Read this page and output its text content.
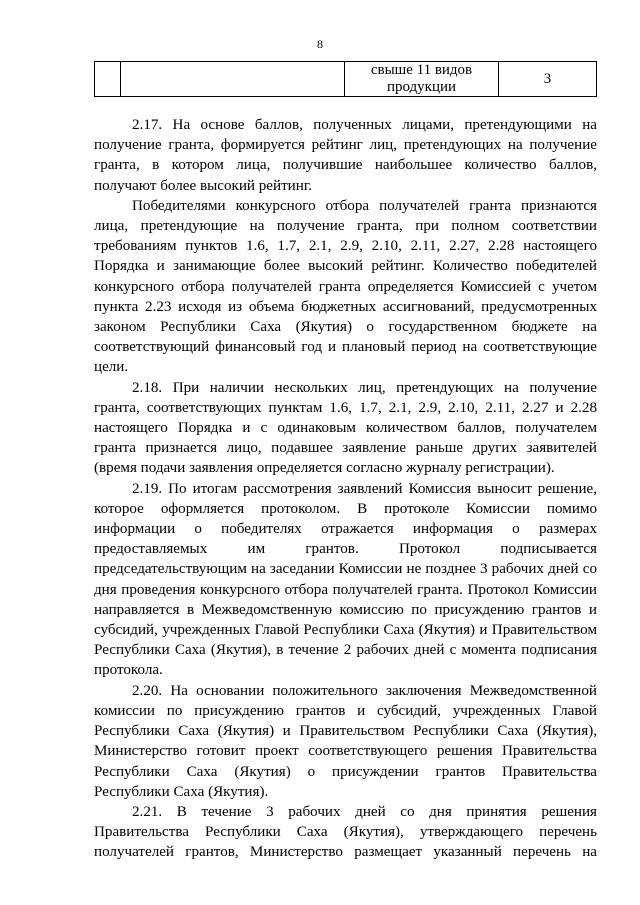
8
		свыше 11 видов продукции	3

2.17. На основе баллов, полученных лицами, претендующими на получение гранта, формируется рейтинг лиц, претендующих на получение гранта, в котором лица, получившие наибольшее количество баллов, получают более высокий рейтинг.

Победителями конкурсного отбора получателей гранта признаются лица, претендующие на получение гранта, при полном соответствии требованиям пунктов 1.6, 1.7, 2.1, 2.9, 2.10, 2.11, 2.27, 2.28 настоящего Порядка и занимающие более высокий рейтинг. Количество победителей конкурсного отбора получателей гранта определяется Комиссией с учетом пункта 2.23 исходя из объема бюджетных ассигнований, предусмотренных законом Республики Саха (Якутия) о государственном бюджете на соответствующий финансовый год и плановый период на соответствующие цели.

2.18. При наличии нескольких лиц, претендующих на получение гранта, соответствующих пунктам 1.6, 1.7, 2.1, 2.9, 2.10, 2.11, 2.27 и 2.28 настоящего Порядка и с одинаковым количеством баллов, получателем гранта признается лицо, подавшее заявление раньше других заявителей (время подачи заявления определяется согласно журналу регистрации).

2.19. По итогам рассмотрения заявлений Комиссия выносит решение, которое оформляется протоколом. В протоколе Комиссии помимо информации о победителях отражается информация о размерах предоставляемых им грантов. Протокол подписывается председательствующим на заседании Комиссии не позднее 3 рабочих дней со дня проведения конкурсного отбора получателей гранта. Протокол Комиссии направляется в Межведомственную комиссию по присуждению грантов и субсидий, учрежденных Главой Республики Саха (Якутия) и Правительством Республики Саха (Якутия), в течение 2 рабочих дней с момента подписания протокола.

2.20. На основании положительного заключения Межведомственной комиссии по присуждению грантов и субсидий, учрежденных Главой Республики Саха (Якутия) и Правительством Республики Саха (Якутия), Министерство готовит проект соответствующего решения Правительства Республики Саха (Якутия) о присуждении грантов Правительства Республики Саха (Якутия).

2.21. В течение 3 рабочих дней со дня принятия решения Правительства Республики Саха (Якутия), утверждающего перечень получателей грантов, Министерство размещает указанный перечень на
